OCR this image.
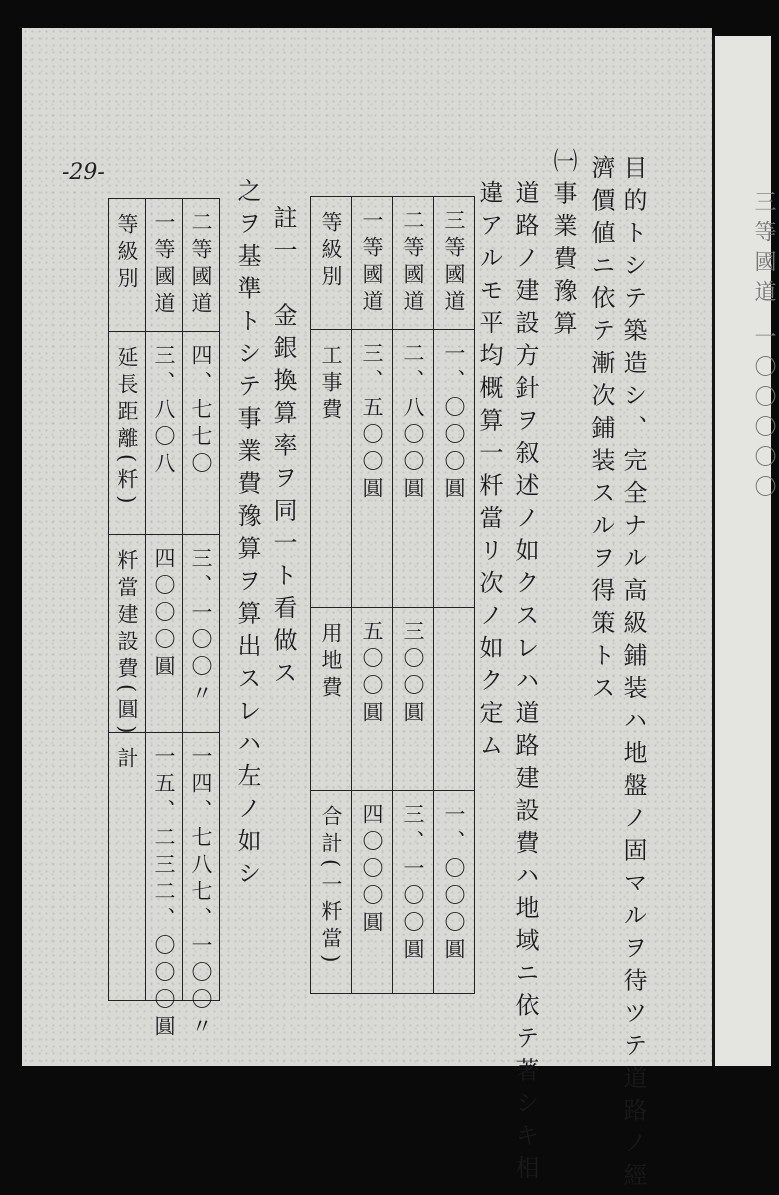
三等國道 一〇〇〇〇〇
-29-	目的トシテ築造シ、完全ナル高級鋪装ハ地盤ノ固マルヲ待ツテ道路ノ經
濟價値ニ依テ漸次鋪装スルヲ得策トス
㈠事業費豫算
道路ノ建設方針ヲ叙述ノ如クスレハ道路建設費ハ地域ニ依テ著シキ相
違アルモ平均概算一粁當リ次ノ如ク定ム
等級別	一等國道	二等國道	三等國道
工事費	三、五〇〇圓	二、八〇〇圓	一、〇〇〇圓
用地費	五〇〇圓	三〇〇圓	
合計(一粁當)	四〇〇〇圓	三、一〇〇圓	一、〇〇〇圓
註一　金銀換算率ヲ同一ト看做ス
之ヲ基準トシテ事業費豫算ヲ算出スレハ左ノ如シ
等級別	一等國道	二等國道
延長距離(粁)	三、八〇八	四、七七〇
粁當建設費(圓)	四〇〇〇圓	三、一〇〇〃
計	一五、二三二、〇〇〇圓	一四、七八七、一〇〇〃
